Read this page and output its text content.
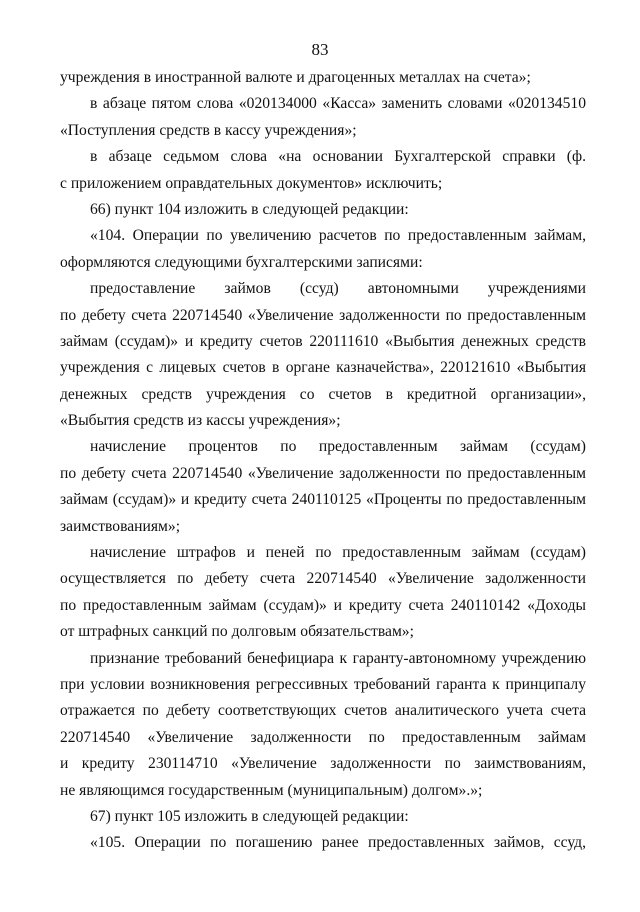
83
учреждения в иностранной валюте и драгоценных металлах на счета»;
в абзаце пятом слова «020134000 «Касса» заменить словами «020134510
«Поступления средств в кассу учреждения»;
в абзаце седьмом слова «на основании Бухгалтерской справки (ф.
с приложением оправдательных документов» исключить;
66) пункт 104 изложить в следующей редакции:
«104. Операции по увеличению расчетов по предоставленным займам,
оформляются следующими бухгалтерскими записями:
предоставление займов (ссуд) автономными учреждениями
по дебету счета 220714540 «Увеличение задолженности по предоставленным
займам (ссудам)» и кредиту счетов 220111610 «Выбытия денежных средств
учреждения с лицевых счетов в органе казначейства», 220121610 «Выбытия
денежных средств учреждения со счетов в кредитной организации»,
«Выбытия средств из кассы учреждения»;
начисление процентов по предоставленным займам (ссудам)
по дебету счета 220714540 «Увеличение задолженности по предоставленным
займам (ссудам)» и кредиту счета 240110125 «Проценты по предоставленным
заимствованиям»;
начисление штрафов и пеней по предоставленным займам (ссудам)
осуществляется по дебету счета 220714540 «Увеличение задолженности
по предоставленным займам (ссудам)» и кредиту счета 240110142 «Доходы
от штрафных санкций по долговым обязательствам»;
признание требований бенефициара к гаранту-автономному учреждению
при условии возникновения регрессивных требований гаранта к принципалу
отражается по дебету соответствующих счетов аналитического учета счета
220714540 «Увеличение задолженности по предоставленным займам
и кредиту 230114710 «Увеличение задолженности по заимствованиям,
не являющимся государственным (муниципальным) долгом».»;
67) пункт 105 изложить в следующей редакции:
«105. Операции по погашению ранее предоставленных займов, ссуд,
